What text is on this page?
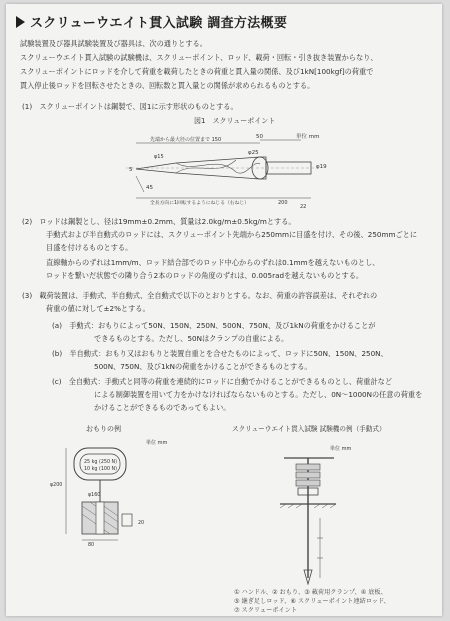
スクリューウエイト貫入試験 調査方法概要
試験装置及び器具試験装置及び器具は、次の通りとする。
スクリューウエイト貫入試験の試験機は、スクリューポイント、ロッド、載荷・回転・引き抜き装置からなり、
スクリューポイントにロッドを介して荷重を載荷したときの荷重と貫入量の関係、及び1kN[100kgf]の荷重で
貫入停止後ロッドを回転させたときの、回転数と貫入量との関係が求められるものとする。
(1)　スクリューポイントは鋼製で、図1に示す形状のものとする。
図1　スクリューポイント
単位 mm
先端から最大径の位置まで 150	50
φ25
φ19
φ15
5
45
全長方向に1回転するようにねじる（右ねじ）	200
22
(2)　ロッドは鋼製とし、径は19mm±0.2mm、質量は2.0kg/m±0.5kg/mとする。
手動式および半自動式のロッドには、スクリューポイント先端から250mmに目盛を付け、その後、250mmごとに
目盛を付けるものとする。
直線軸からのずれは1mm/m、ロッド結合部でのロッド中心からのずれは0.1mmを越えないものとし、
ロッドを繋いだ状態での隣り合う2本のロッドの角度のずれは、0.005radを越えないものとする。
(3)　載荷装置は、手動式、半自動式、全自動式で以下のとおりとする。なお、荷重の許容誤差は、それぞれの
荷重の値に対して±2%とする。
(a)　手動式：おもりによって50N、150N、250N、500N、750N、及び1kNの荷重をかけることが
できるものとする。ただし、50Nはクランプの自重による。
(b)　半自動式：おもり又はおもりと装置自重とを合せたものによって、ロッドに50N、150N、250N、
500N、750N、及び1kNの荷重をかけることができるものとする。
(c)　全自動式：手動式と同等の荷重を連続的にロッドに自動でかけることができるものとし、荷重計など
による制御装置を用いて力をかけなければならないものとする。ただし、0N～1000Nの任意の荷重を
かけることができるものであってもよい。
おもりの例
単位 mm
25 kg (250 N)
10 kg (100 N)
φ200
φ160
20
80
スクリューウエイト貫入試験 試験機の例（手動式）
単位 mm
① ハンドル、② おもり、③ 載荷用クランプ、④ 底板、
⑤ 継ぎ足しロッド、⑥ スクリューポイント連結ロッド、
⑦ スクリューポイント
